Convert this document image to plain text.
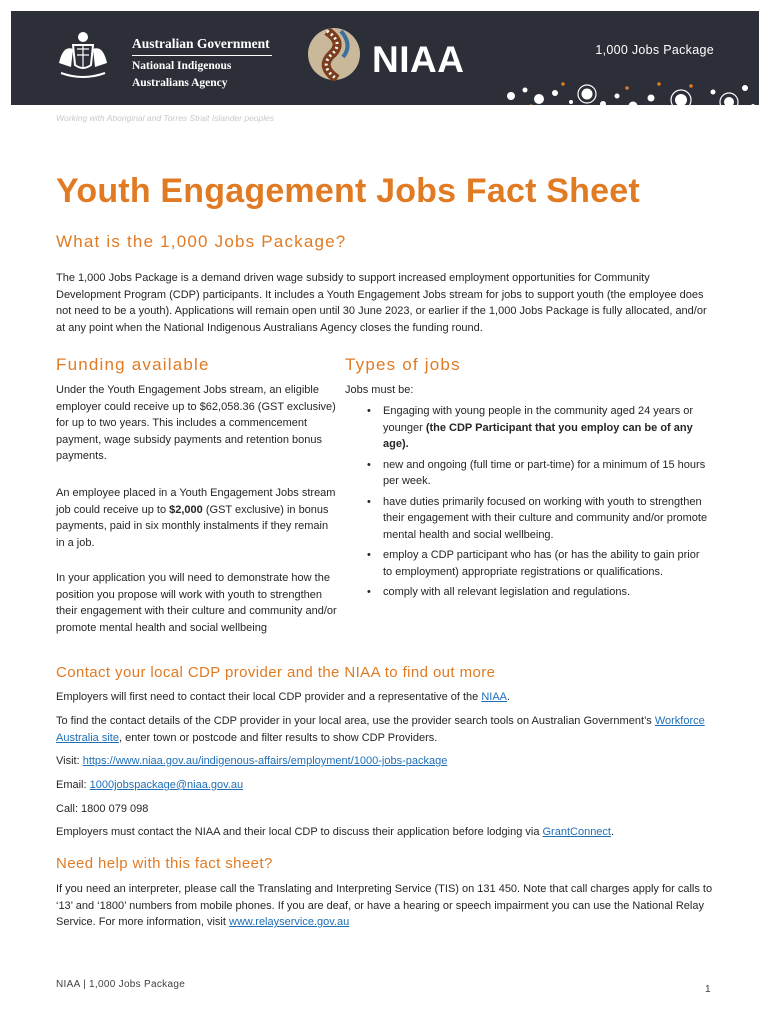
Australian Government
National Indigenous
Australians Agency
NIAA	1,000 Jobs Package
Working with Aboriginal and Torres Strait Islander peoples
Youth Engagement Jobs Fact Sheet
What is the 1,000 Jobs Package?

The 1,000 Jobs Package is a demand driven wage subsidy to support increased employment opportunities for Community Development Program (CDP) participants. It includes a Youth Engagement Jobs stream for jobs to support youth (the employee does not need to be a youth). Applications will remain open until 30 June 2023, or earlier if the 1,000 Jobs Package is fully allocated, and/or at any point when the National Indigenous Australians Agency closes the funding round.

Funding available

Under the Youth Engagement Jobs stream, an eligible employer could receive up to $62,058.36 (GST exclusive) for up to two years. This includes a commencement payment, wage subsidy payments and retention bonus payments.

An employee placed in a Youth Engagement Jobs stream job could receive up to $2,000 (GST exclusive) in bonus payments, paid in six monthly instalments if they remain in a job.

In your application you will need to demonstrate how the position you propose will work with youth to strengthen their engagement with their culture and community and/or promote mental health and social wellbeing

Types of jobs

Jobs must be:

• Engaging with young people in the community aged 24 years or younger (the CDP Participant that you employ can be of any age).
• new and ongoing (full time or part-time) for a minimum of 15 hours per week.
• have duties primarily focused on working with youth to strengthen their engagement with their culture and community and/or promote mental health and social wellbeing.
• employ a CDP participant who has (or has the ability to gain prior to employment) appropriate registrations or qualifications.
• comply with all relevant legislation and regulations.
Contact your local CDP provider and the NIAA to find out more

Employers will first need to contact their local CDP provider and a representative of the NIAA.

To find the contact details of the CDP provider in your local area, use the provider search tools on Australian Government’s Workforce Australia site, enter town or postcode and filter results to show CDP Providers.

Visit: https://www.niaa.gov.au/indigenous-affairs/employment/1000-jobs-package

Email: 1000jobspackage@niaa.gov.au

Call: 1800 079 098

Employers must contact the NIAA and their local CDP to discuss their application before lodging via GrantConnect.

Need help with this fact sheet?

If you need an interpreter, please call the Translating and Interpreting Service (TIS) on 131 450. Note that call charges apply for calls to ‘13’ and ‘1800’ numbers from mobile phones. If you are deaf, or have a hearing or speech impairment you can use the National Relay Service. For more information, visit www.relayservice.gov.au

NIAA | 1,000 Jobs Package	1
